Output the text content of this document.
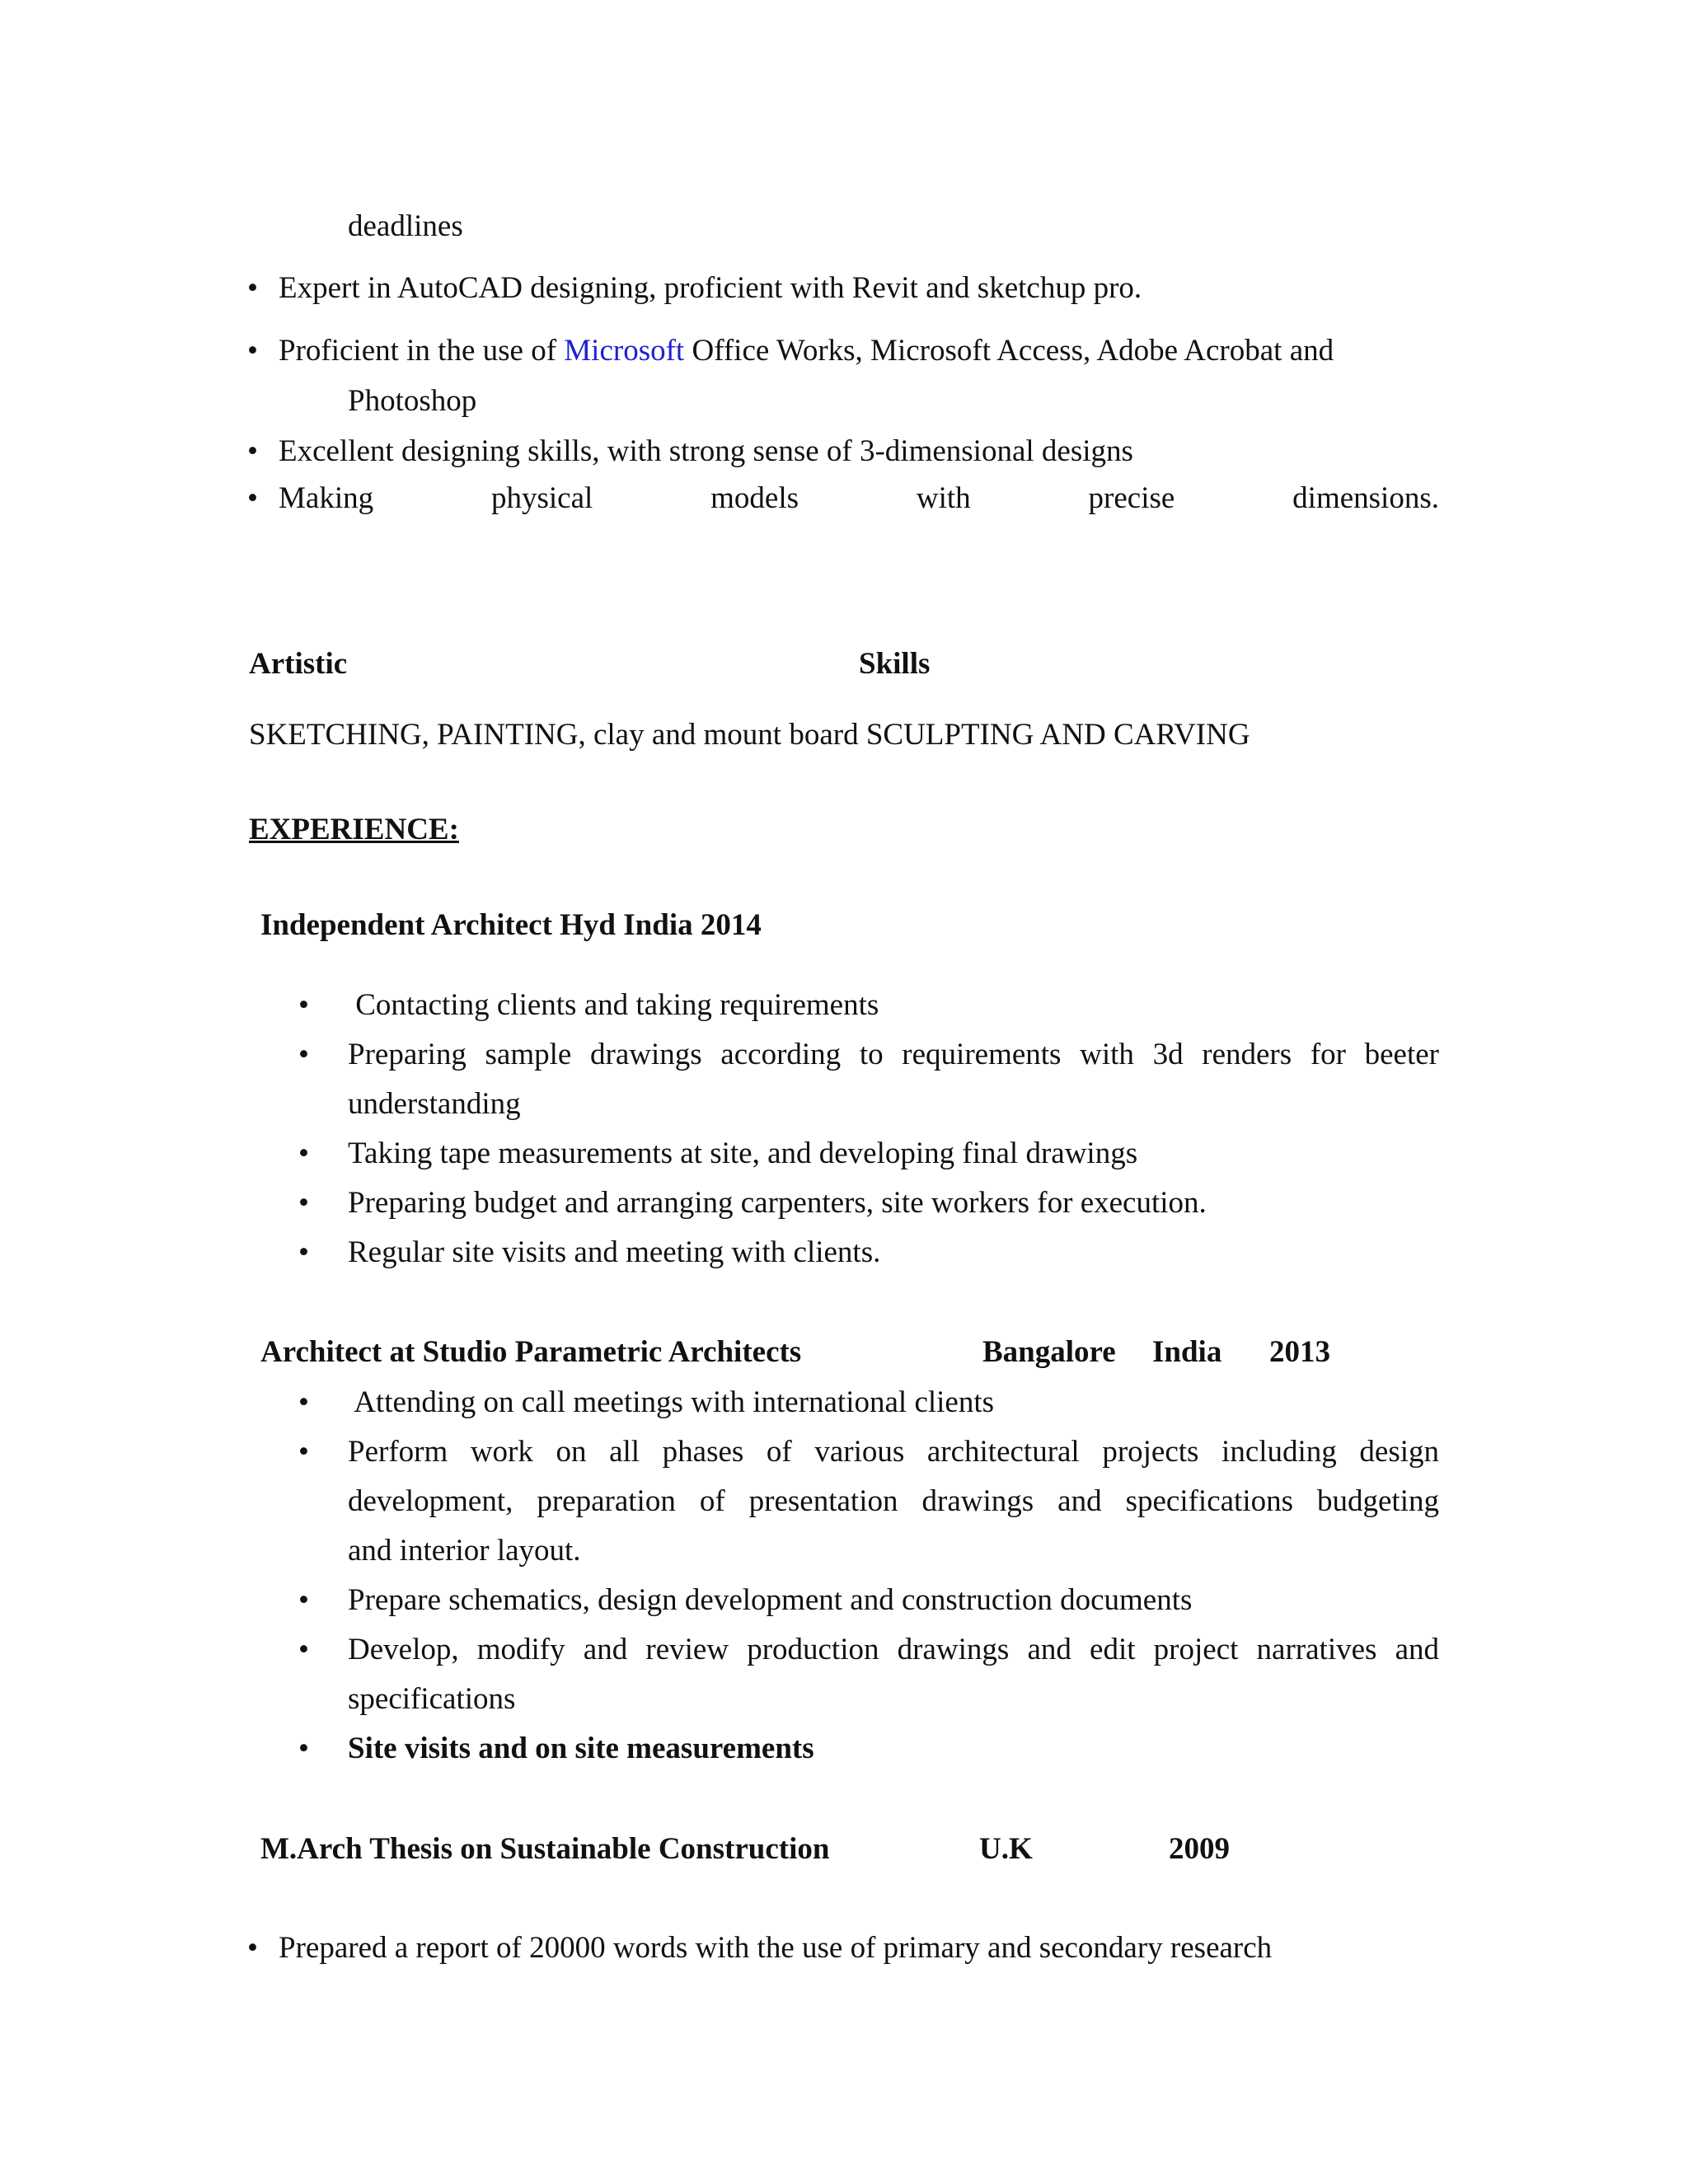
deadlines
• Expert in AutoCAD designing, proficient with Revit and sketchup pro.
• Proficient in the use of Microsoft Office Works, Microsoft Access, Adobe Acrobat and
Photoshop
• Excellent designing skills, with strong sense of 3-dimensional designs
• Making	physical	models	with	precise	dimensions.
Artistic	Skills
SKETCHING, PAINTING, clay and mount board SCULPTING AND CARVING
EXPERIENCE:
Independent Architect Hyd India 2014
• Contacting clients and taking requirements
• Preparing sample drawings according to requirements with 3d renders for beeter
understanding
• Taking tape measurements at site, and developing final drawings
• Preparing budget and arranging carpenters, site workers for execution.
• Regular site visits and meeting with clients.
Architect at Studio Parametric Architects	Bangalore India 2013
• Attending on call meetings with international clients
• Perform work on all phases of various architectural projects including design
development, preparation of presentation drawings and specifications budgeting
and interior layout.
• Prepare schematics, design development and construction documents
• Develop, modify and review production drawings and edit project narratives and
specifications
• Site visits and on site measurements
M.Arch Thesis on Sustainable Construction	U.K	2009
• Prepared a report of 20000 words with the use of primary and secondary research
